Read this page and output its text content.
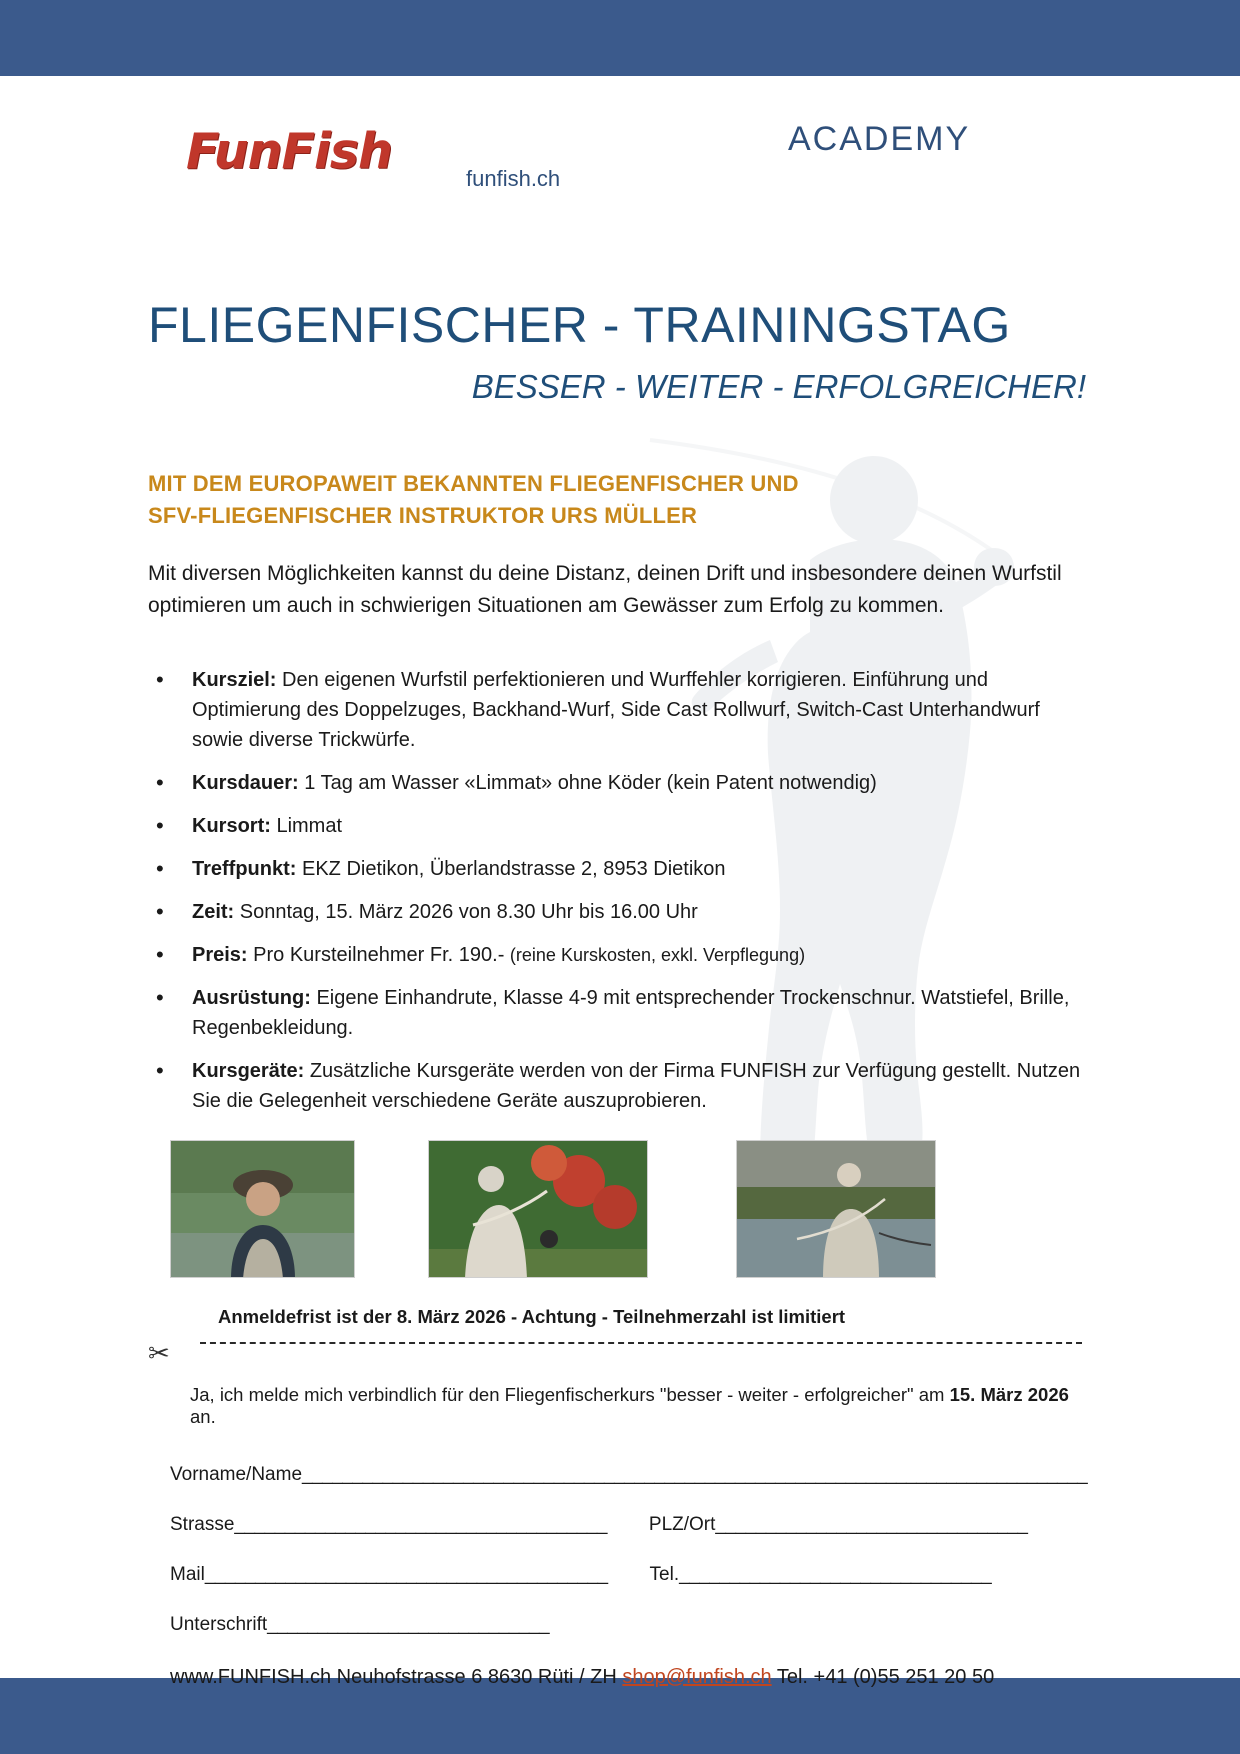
FunFish	funfish.ch
ACADEMY
FLIEGENFISCHER - TRAININGSTAG
BESSER - WEITER - ERFOLGREICHER!
MIT DEM EUROPAWEIT BEKANNTEN FLIEGENFISCHER UND
SFV-FLIEGENFISCHER INSTRUKTOR URS MÜLLER
Mit diversen Möglichkeiten kannst du deine Distanz, deinen Drift und insbesondere deinen Wurfstil optimieren um auch in schwierigen Situationen am Gewässer zum Erfolg zu kommen.
• Kursziel: Den eigenen Wurfstil perfektionieren und Wurffehler korrigieren. Einführung und Optimierung des Doppelzuges, Backhand-Wurf, Side Cast Rollwurf, Switch-Cast Unterhandwurf sowie diverse Trickwürfe.
• Kursdauer: 1 Tag am Wasser «Limmat» ohne Köder (kein Patent notwendig)
• Kursort: Limmat
• Treffpunkt: EKZ Dietikon, Überlandstrasse 2, 8953 Dietikon
• Zeit: Sonntag, 15. März 2026 von 8.30 Uhr bis 16.00 Uhr
• Preis: Pro Kursteilnehmer Fr. 190.- (reine Kurskosten, exkl. Verpflegung)
• Ausrüstung: Eigene Einhandrute, Klasse 4-9 mit entsprechender Trockenschnur. Watstiefel, Brille, Regenbekleidung.
• Kursgeräte: Zusätzliche Kursgeräte werden von der Firma FUNFISH zur Verfügung gestellt. Nutzen Sie die Gelegenheit verschiedene Geräte auszuprobieren.
Anmeldefrist ist der 8. März 2026 - Achtung - Teilnehmerzahl ist limitiert
✂
Ja, ich melde mich verbindlich für den Fliegenfischerkurs "besser - weiter - erfolgreicher" am 15. März 2026 an.
Vorname/Name______________________________________________________________________________
Strasse_____________________________________ PLZ/Ort_______________________________
Mail________________________________________ Tel._______________________________
Unterschrift____________________________
www.FUNFISH.ch Neuhofstrasse 6 8630 Rüti / ZH shop@funfish.ch Tel. +41 (0)55 251 20 50
